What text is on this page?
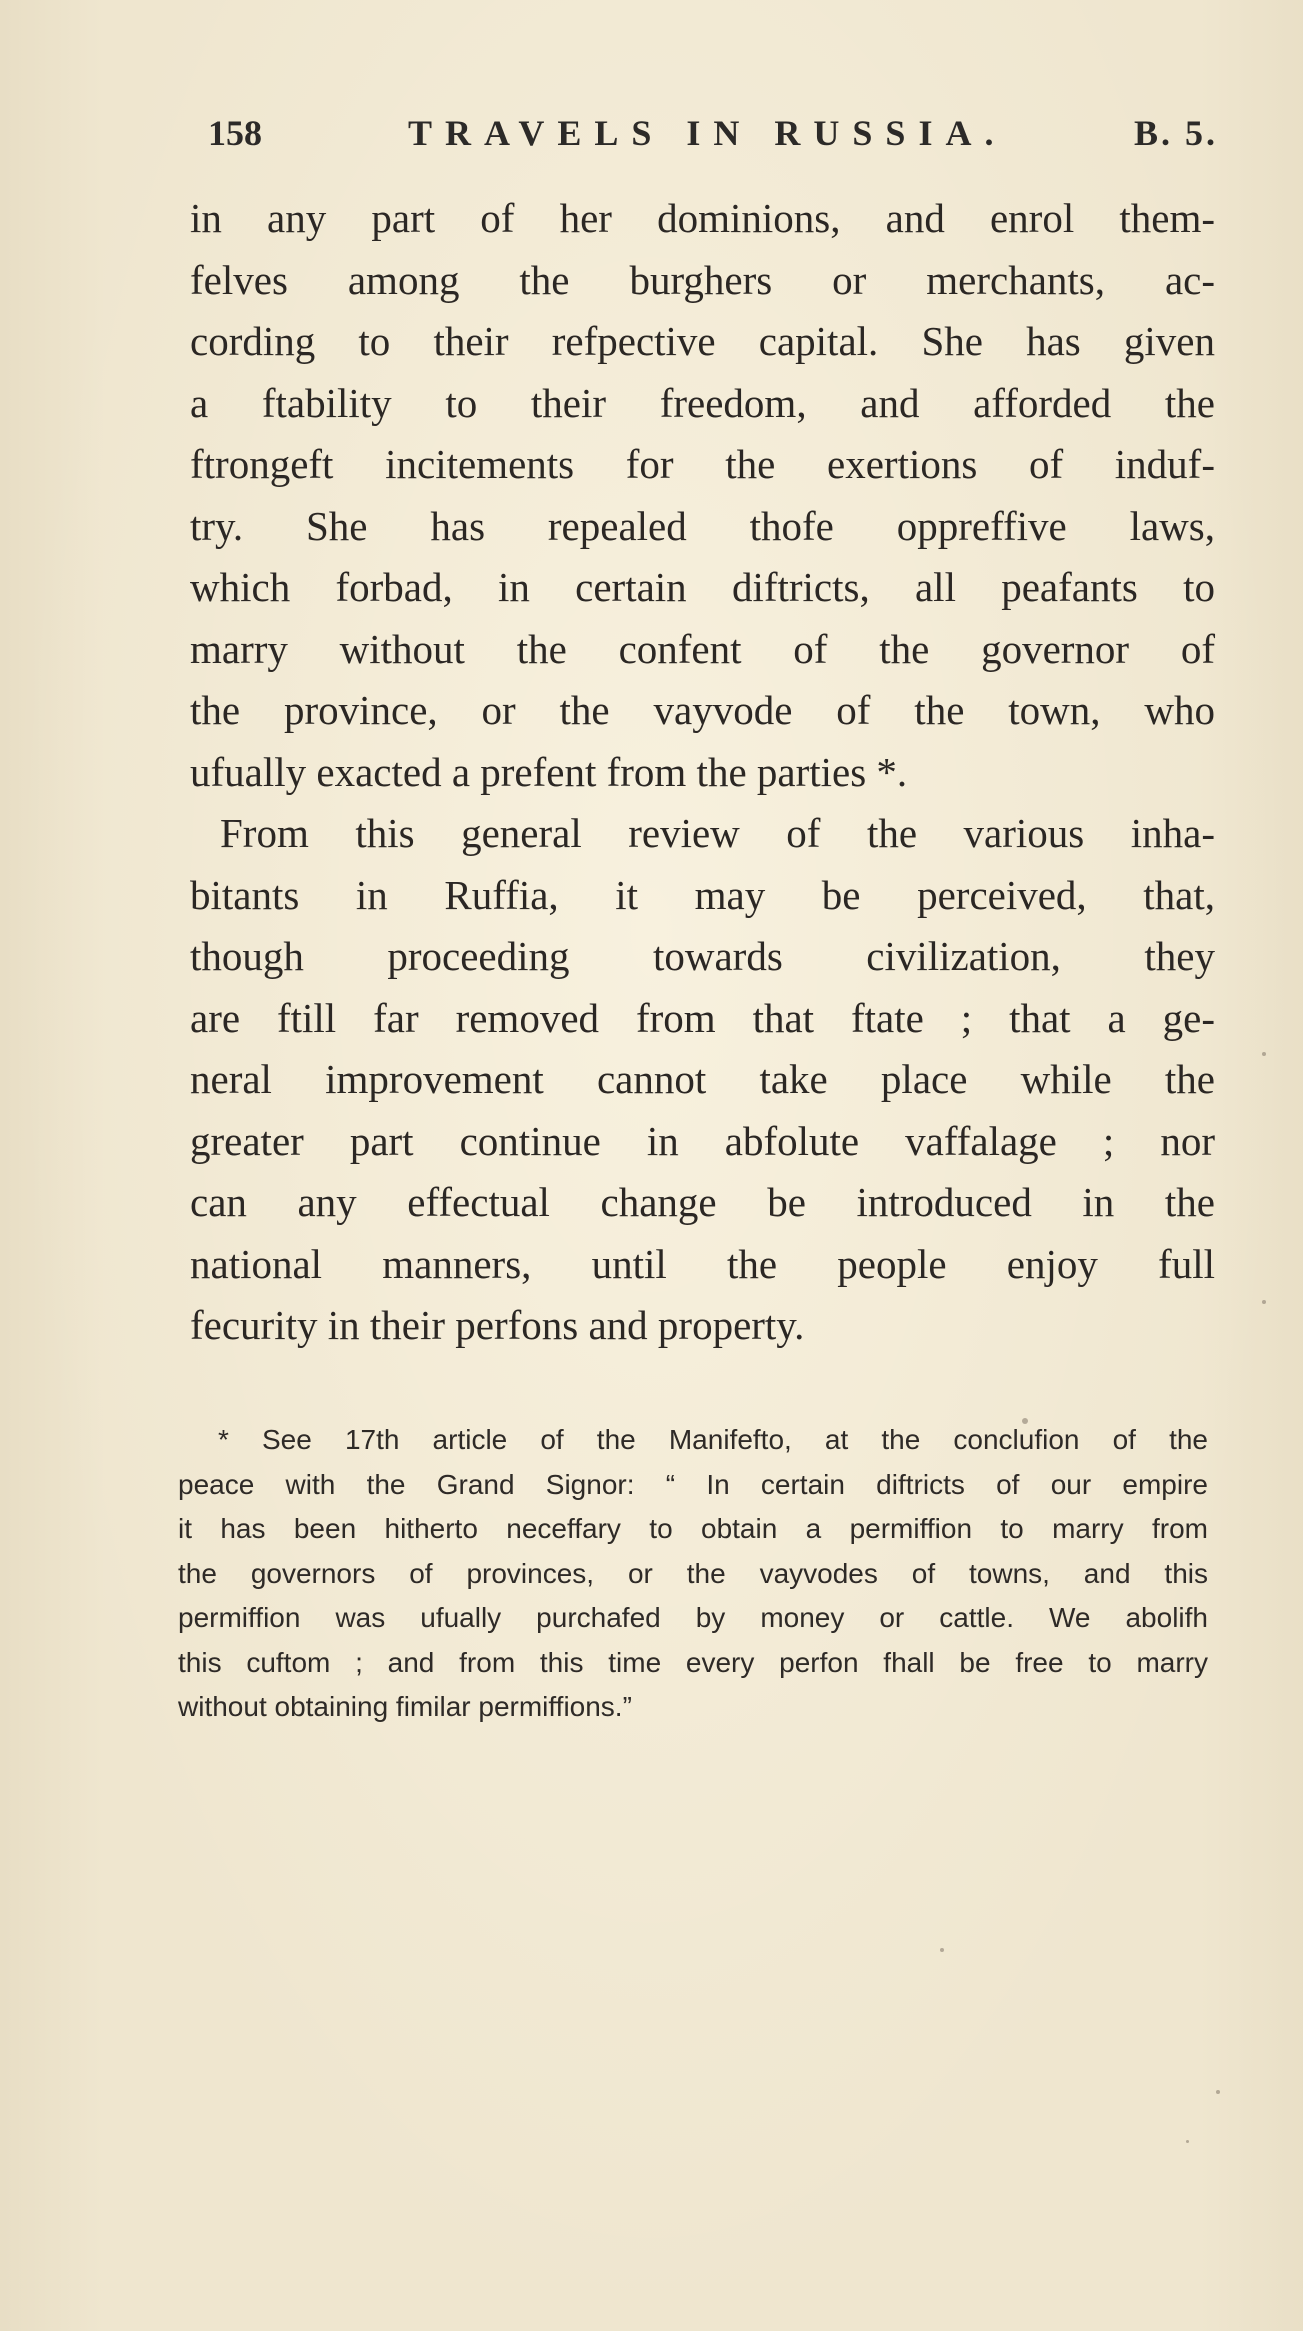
158	TRAVELS IN RUSSIA.	B. 5.
in any part of her dominions, and enrol them-
felves among the burghers or merchants, ac-
cording to their refpective capital. She has given
a ftability to their freedom, and afforded the
ftrongeft incitements for the exertions of induf-
try. She has repealed thofe oppreffive laws,
which forbad, in certain diftricts, all peafants to
marry without the confent of the governor of
the province, or the vayvode of the town, who
ufually exacted a prefent from the parties *.
From this general review of the various inha-
bitants in Ruffia, it may be perceived, that,
though proceeding towards civilization, they
are ftill far removed from that ftate ; that a ge-
neral improvement cannot take place while the
greater part continue in abfolute vaffalage ; nor
can any effectual change be introduced in the
national manners, until the people enjoy full
fecurity in their perfons and property.
* See 17th article of the Manifefto, at the conclufion of the
peace with the Grand Signor: “ In certain diftricts of our empire
it has been hitherto neceffary to obtain a permiffion to marry from
the governors of provinces, or the vayvodes of towns, and this
permiffion was ufually purchafed by money or cattle. We abolifh
this cuftom ; and from this time every perfon fhall be free to marry
without obtaining fimilar permiffions.”
